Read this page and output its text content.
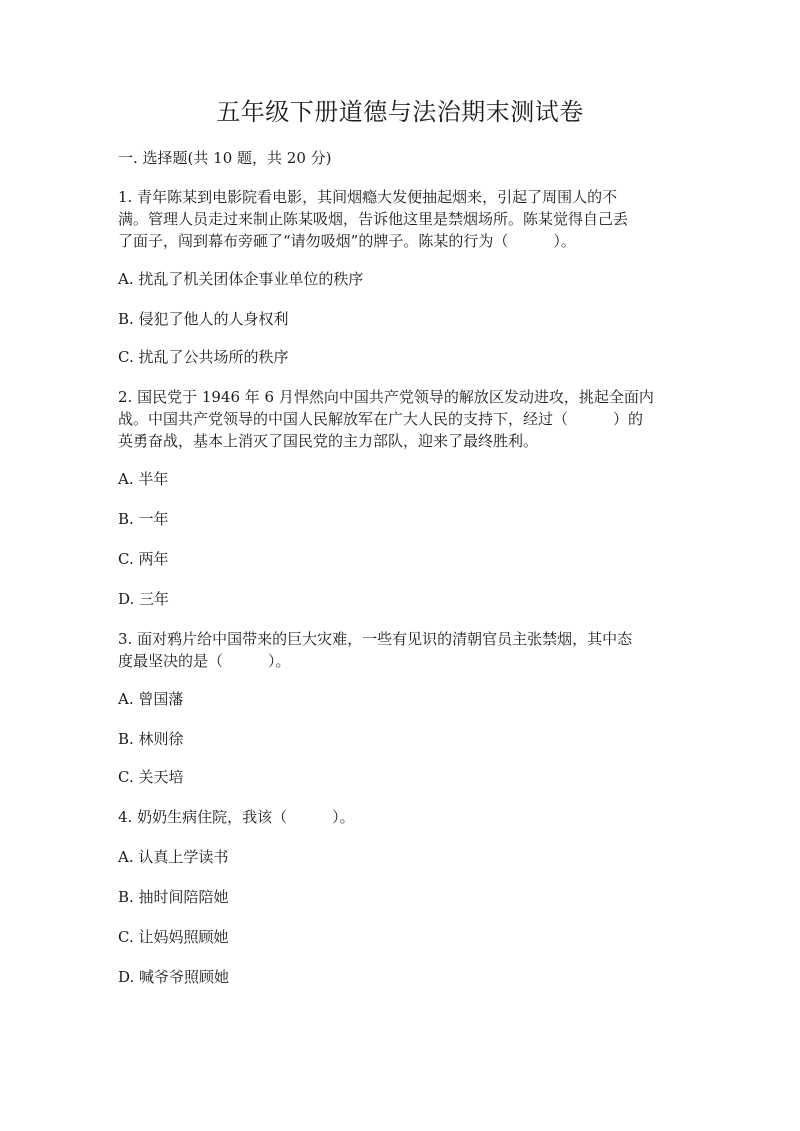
五年级下册道德与法治期末测试卷
一. 选择题(共 10 题，共 20 分)
1. 青年陈某到电影院看电影，其间烟瘾大发便抽起烟来，引起了周围人的不
满。管理人员走过来制止陈某吸烟，告诉他这里是禁烟场所。陈某觉得自己丢
了面子，闯到幕布旁砸了“请勿吸烟”的牌子。陈某的行为（　　　）。
A. 扰乱了机关团体企事业单位的秩序
B. 侵犯了他人的人身权利
C. 扰乱了公共场所的秩序
2. 国民党于 1946 年 6 月悍然向中国共产党领导的解放区发动进攻，挑起全面内
战。中国共产党领导的中国人民解放军在广大人民的支持下，经过（　　　）的
英勇奋战，基本上消灭了国民党的主力部队，迎来了最终胜利。
A. 半年
B. 一年
C. 两年
D. 三年
3. 面对鸦片给中国带来的巨大灾难，一些有见识的清朝官员主张禁烟，其中态
度最坚决的是（　　　）。
A. 曾国藩
B. 林则徐
C. 关天培
4. 奶奶生病住院，我该（　　　）。
A. 认真上学读书
B. 抽时间陪陪她
C. 让妈妈照顾她
D. 喊爷爷照顾她
